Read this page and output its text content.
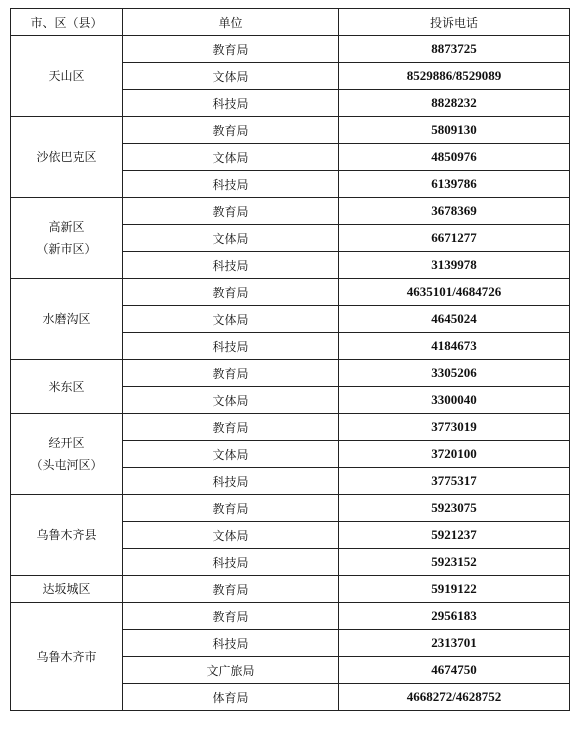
市、区（县）	单位	投诉电话

天山区	教育局	8873725
	文体局	8529886/8529089
	科技局	8828232

沙依巴克区	教育局	5809130
	文体局	4850976
	科技局	6139786

高新区
（新市区）	教育局	3678369
	文体局	6671277
	科技局	3139978

水磨沟区	教育局	4635101/4684726
	文体局	4645024
	科技局	4184673

米东区	教育局	3305206
	文体局	3300040

经开区
（头屯河区）	教育局	3773019
	文体局	3720100
	科技局	3775317

乌鲁木齐县	教育局	5923075
	文体局	5921237
	科技局	5923152

达坂城区	教育局	5919122

乌鲁木齐市	教育局	2956183
	科技局	2313701
	文广旅局	4674750
	体育局	4668272/4628752
